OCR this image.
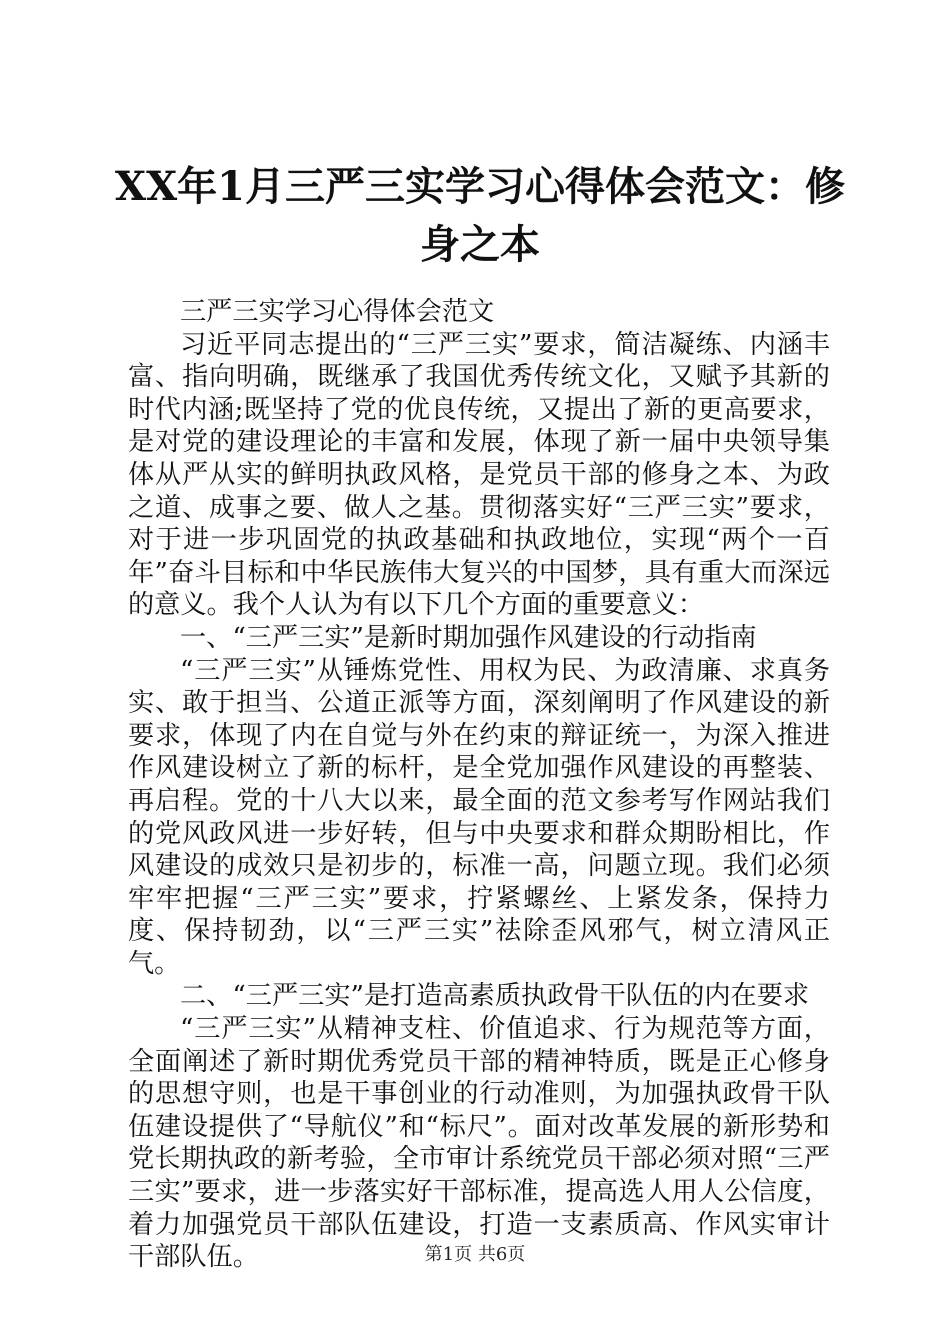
XX年1月三严三实学习心得体会范文：修身之本

三严三实学习心得体会范文

习近平同志提出的“三严三实”要求，简洁凝练、内涵丰富、指向明确，既继承了我国优秀传统文化，又赋予其新的时代内涵;既坚持了党的优良传统，又提出了新的更高要求，是对党的建设理论的丰富和发展，体现了新一届中央领导集体从严从实的鲜明执政风格，是党员干部的修身之本、为政之道、成事之要、做人之基。贯彻落实好“三严三实”要求，对于进一步巩固党的执政基础和执政地位，实现“两个一百年”奋斗目标和中华民族伟大复兴的中国梦，具有重大而深远的意义。我个人认为有以下几个方面的重要意义：

一、“三严三实”是新时期加强作风建设的行动指南

“三严三实”从锤炼党性、用权为民、为政清廉、求真务实、敢于担当、公道正派等方面，深刻阐明了作风建设的新要求，体现了内在自觉与外在约束的辩证统一，为深入推进作风建设树立了新的标杆，是全党加强作风建设的再整装、再启程。党的十八大以来，最全面的范文参考写作网站我们的党风政风进一步好转，但与中央要求和群众期盼相比，作风建设的成效只是初步的，标准一高，问题立现。我们必须牢牢把握“三严三实”要求，拧紧螺丝、上紧发条，保持力度、保持韧劲，以“三严三实”祛除歪风邪气，树立清风正气。

二、“三严三实”是打造高素质执政骨干队伍的内在要求

“三严三实”从精神支柱、价值追求、行为规范等方面，全面阐述了新时期优秀党员干部的精神特质，既是正心修身的思想守则，也是干事创业的行动准则，为加强执政骨干队伍建设提供了“导航仪”和“标尺”。面对改革发展的新形势和党长期执政的新考验，全市审计系统党员干部必须对照“三严三实”要求，进一步落实好干部标准，提高选人用人公信度，着力加强党员干部队伍建设，打造一支素质高、作风实审计干部队伍。	第1页 共6页
